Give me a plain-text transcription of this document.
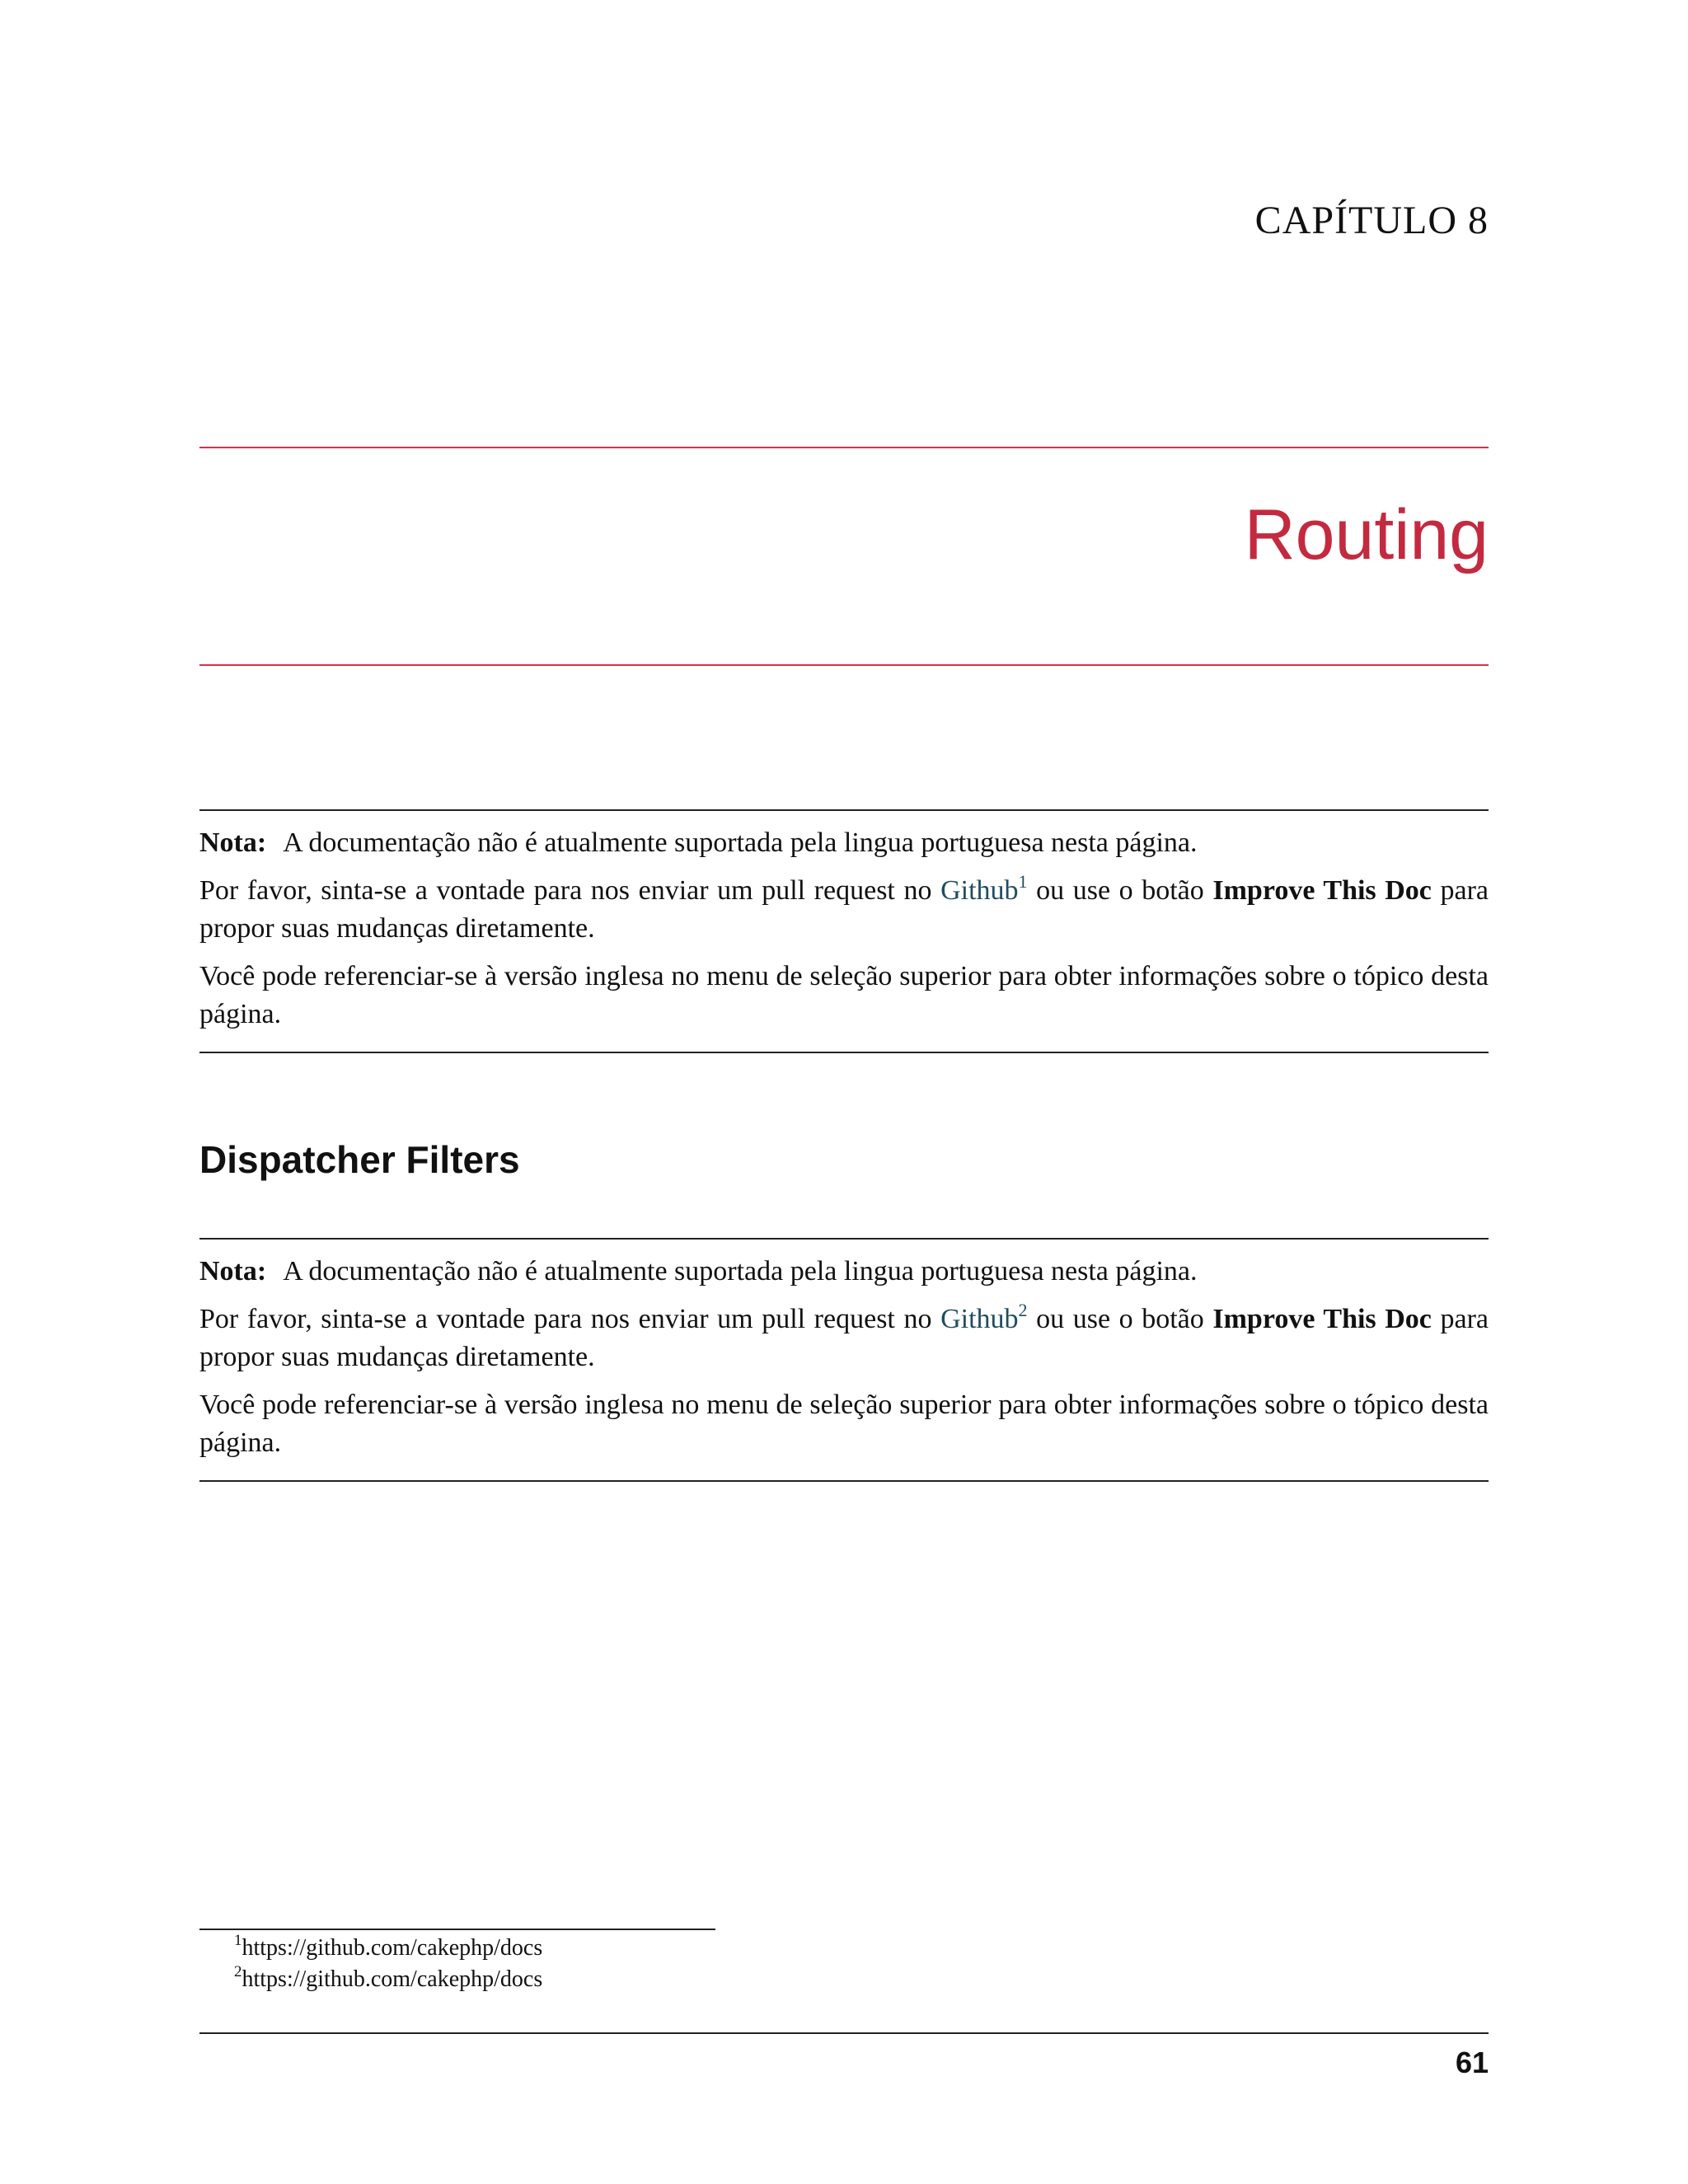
CAPÍTULO 8
Routing

Nota: A documentação não é atualmente suportada pela lingua portuguesa nesta página.

Por favor, sinta-se a vontade para nos enviar um pull request no Github$^1$ ou use o botão Improve This Doc para propor suas mudanças diretamente.

Você pode referenciar-se à versão inglesa no menu de seleção superior para obter informações sobre o tópico desta página.

Dispatcher Filters

Nota: A documentação não é atualmente suportada pela lingua portuguesa nesta página.

Por favor, sinta-se a vontade para nos enviar um pull request no Github$^2$ ou use o botão Improve This Doc para propor suas mudanças diretamente.

Você pode referenciar-se à versão inglesa no menu de seleção superior para obter informações sobre o tópico desta página.

$^1$https://github.com/cakephp/docs
$^2$https://github.com/cakephp/docs
61
